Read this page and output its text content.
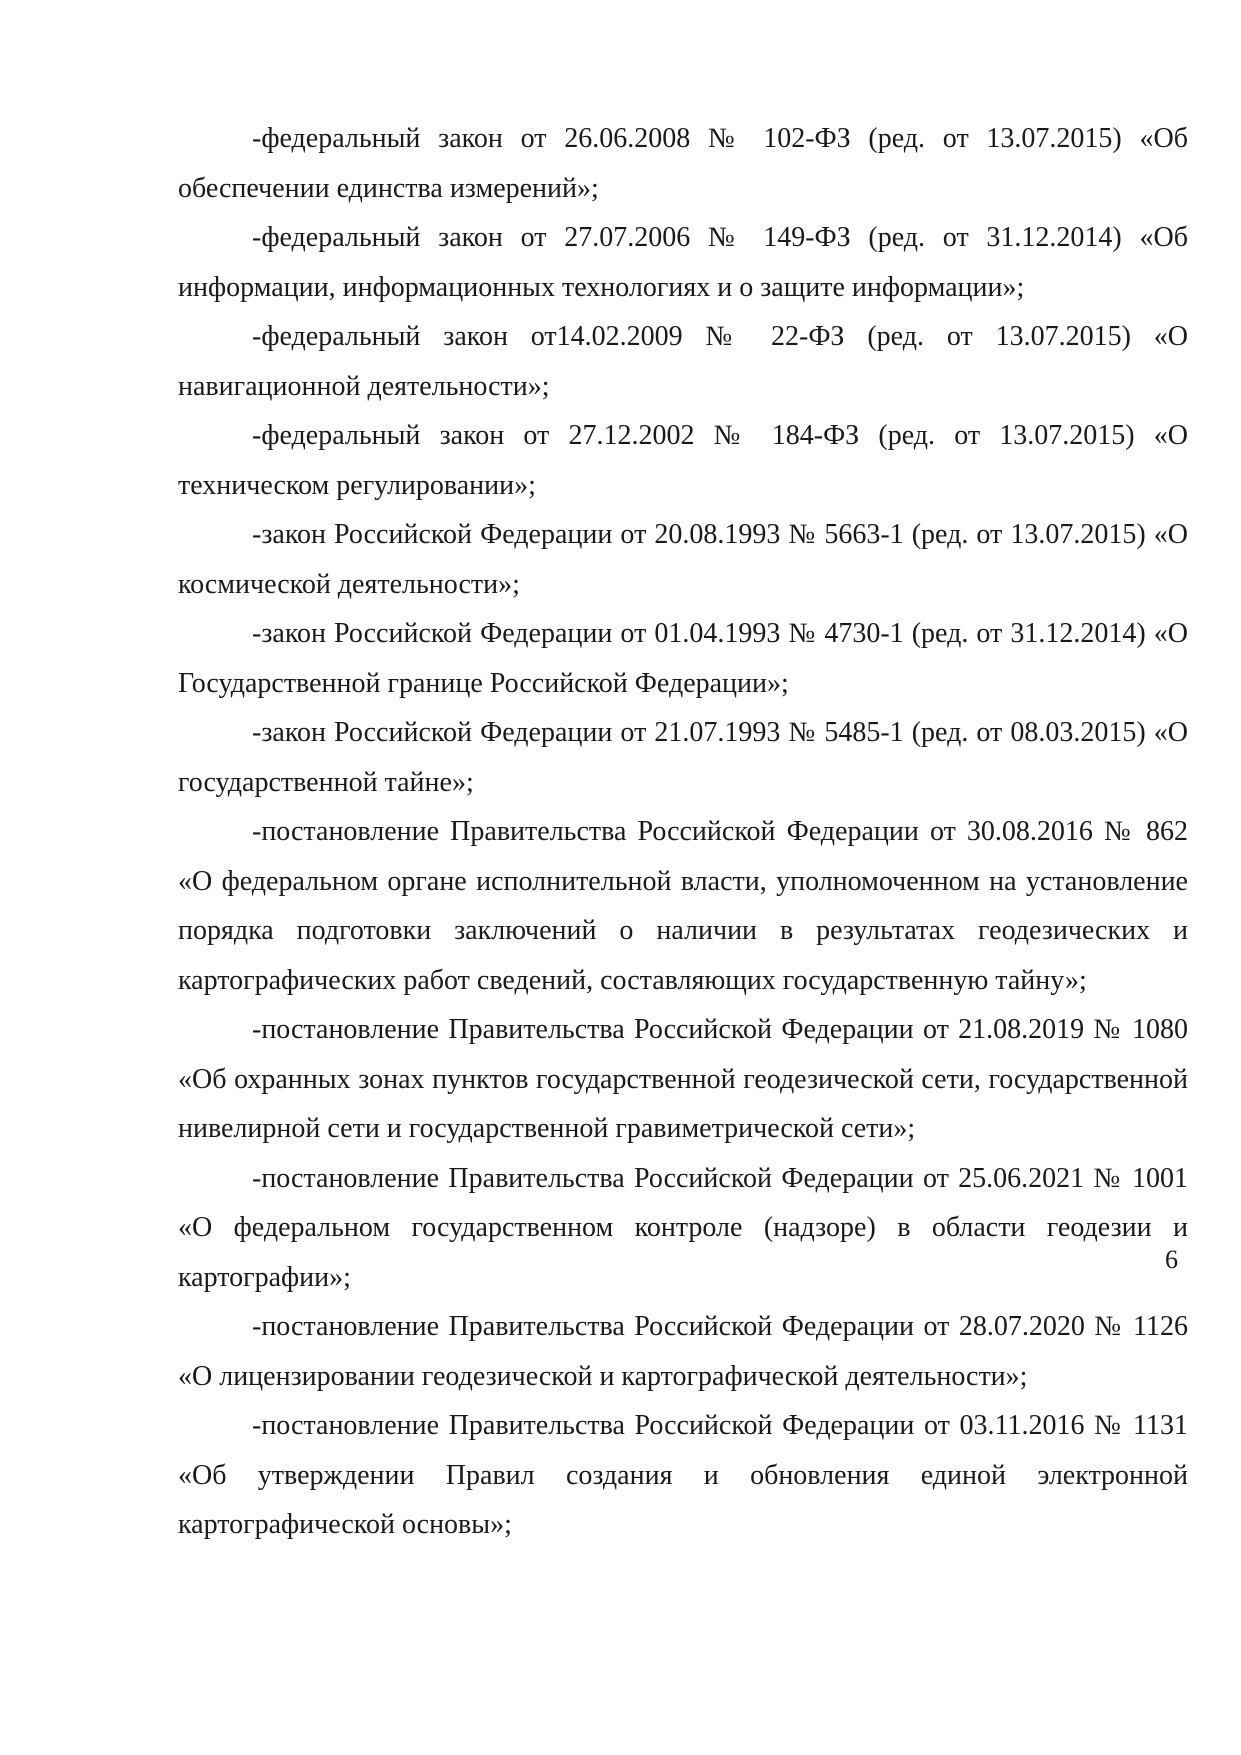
-федеральный закон от 26.06.2008 № 102-ФЗ (ред. от 13.07.2015) «Об обеспечении единства измерений»;

-федеральный закон от 27.07.2006 № 149-ФЗ (ред. от 31.12.2014) «Об информации, информационных технологиях и о защите информации»;

-федеральный закон от14.02.2009 № 22-ФЗ (ред. от 13.07.2015) «О навигационной деятельности»;

-федеральный закон от 27.12.2002 № 184-ФЗ (ред. от 13.07.2015) «О техническом регулировании»;

-закон Российской Федерации от 20.08.1993 № 5663-1 (ред. от 13.07.2015) «О космической деятельности»;

-закон Российской Федерации от 01.04.1993 № 4730-1 (ред. от 31.12.2014) «О Государственной границе Российской Федерации»;

-закон Российской Федерации от 21.07.1993 № 5485-1 (ред. от 08.03.2015) «О государственной тайне»;

-постановление Правительства Российской Федерации от 30.08.2016 № 862 «О федеральном органе исполнительной власти, уполномоченном на установление порядка подготовки заключений о наличии в результатах геодезических и картографических работ сведений, составляющих государственную тайну»;

-постановление Правительства Российской Федерации от 21.08.2019 № 1080 «Об охранных зонах пунктов государственной геодезической сети, государственной нивелирной сети и государственной гравиметрической сети»;

-постановление Правительства Российской Федерации от 25.06.2021 № 1001 «О федеральном государственном контроле (надзоре) в области геодезии и картографии»;

-постановление Правительства Российской Федерации от 28.07.2020 № 1126 «О лицензировании геодезической и картографической деятельности»;

-постановление Правительства Российской Федерации от 03.11.2016 № 1131 «Об утверждении Правил создания и обновления единой электронной картографической основы»;

6
